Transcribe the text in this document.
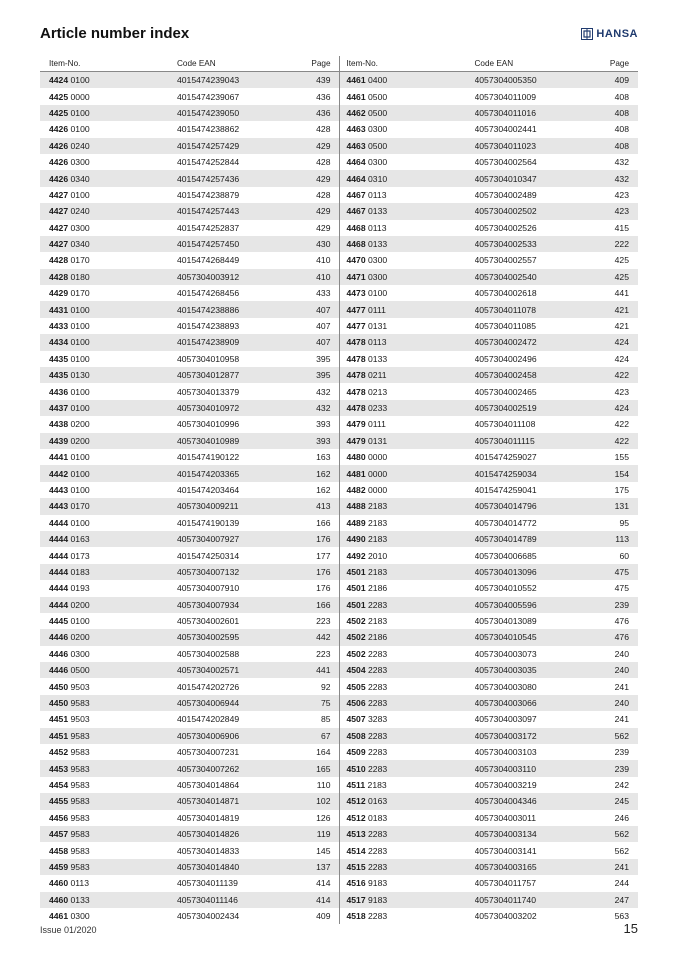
Article number index	HANSA
Item-No.	Code EAN	Page
4424 0100	4015474239043	439
4425 0000	4015474239067	436
4425 0100	4015474239050	436
4426 0100	4015474238862	428
4426 0240	4015474257429	429
4426 0300	4015474252844	428
4426 0340	4015474257436	429
4427 0100	4015474238879	428
4427 0240	4015474257443	429
4427 0300	4015474252837	429
4427 0340	4015474257450	430
4428 0170	4015474268449	410
4428 0180	4057304003912	410
4429 0170	4015474268456	433
4431 0100	4015474238886	407
4433 0100	4015474238893	407
4434 0100	4015474238909	407
4435 0100	4057304010958	395
4435 0130	4057304012877	395
4436 0100	4057304013379	432
4437 0100	4057304010972	432
4438 0200	4057304010996	393
4439 0200	4057304010989	393
4441 0100	4015474190122	163
4442 0100	4015474203365	162
4443 0100	4015474203464	162
4443 0170	4057304009211	413
4444 0100	4015474190139	166
4444 0163	4057304007927	176
4444 0173	4015474250314	177
4444 0183	4057304007132	176
4444 0193	4057304007910	176
4444 0200	4057304007934	166
4445 0100	4057304002601	223
4446 0200	4057304002595	442
4446 0300	4057304002588	223
4446 0500	4057304002571	441
4450 9503	4015474202726	92
4450 9583	4057304006944	75
4451 9503	4015474202849	85
4451 9583	4057304006906	67
4452 9583	4057304007231	164
4453 9583	4057304007262	165
4454 9583	4057304014864	110
4455 9583	4057304014871	102
4456 9583	4057304014819	126
4457 9583	4057304014826	119
4458 9583	4057304014833	145
4459 9583	4057304014840	137
4460 0113	4057304011139	414
4460 0133	4057304011146	414
4461 0300	4057304002434	409
Item-No.	Code EAN	Page
4461 0400	4057304005350	409
4461 0500	4057304011009	408
4462 0500	4057304011016	408
4463 0300	4057304002441	408
4463 0500	4057304011023	408
4464 0300	4057304002564	432
4464 0310	4057304010347	432
4467 0113	4057304002489	423
4467 0133	4057304002502	423
4468 0113	4057304002526	415
4468 0133	4057304002533	222
4470 0300	4057304002557	425
4471 0300	4057304002540	425
4473 0100	4057304002618	441
4477 0111	4057304011078	421
4477 0131	4057304011085	421
4478 0113	4057304002472	424
4478 0133	4057304002496	424
4478 0211	4057304002458	422
4478 0213	4057304002465	423
4478 0233	4057304002519	424
4479 0111	4057304011108	422
4479 0131	4057304011115	422
4480 0000	4015474259027	155
4481 0000	4015474259034	154
4482 0000	4015474259041	175
4488 2183	4057304014796	131
4489 2183	4057304014772	95
4490 2183	4057304014789	113
4492 2010	4057304006685	60
4501 2183	4057304013096	475
4501 2186	4057304010552	475
4501 2283	4057304005596	239
4502 2183	4057304013089	476
4502 2186	4057304010545	476
4502 2283	4057304003073	240
4504 2283	4057304003035	240
4505 2283	4057304003080	241
4506 2283	4057304003066	240
4507 3283	4057304003097	241
4508 2283	4057304003172	562
4509 2283	4057304003103	239
4510 2283	4057304003110	239
4511 2183	4057304003219	242
4512 0163	4057304004346	245
4512 0183	4057304003011	246
4513 2283	4057304003134	562
4514 2283	4057304003141	562
4515 2283	4057304003165	241
4516 9183	4057304011757	244
4517 9183	4057304011740	247
4518 2283	4057304003202	563
Issue 01/2020	15
